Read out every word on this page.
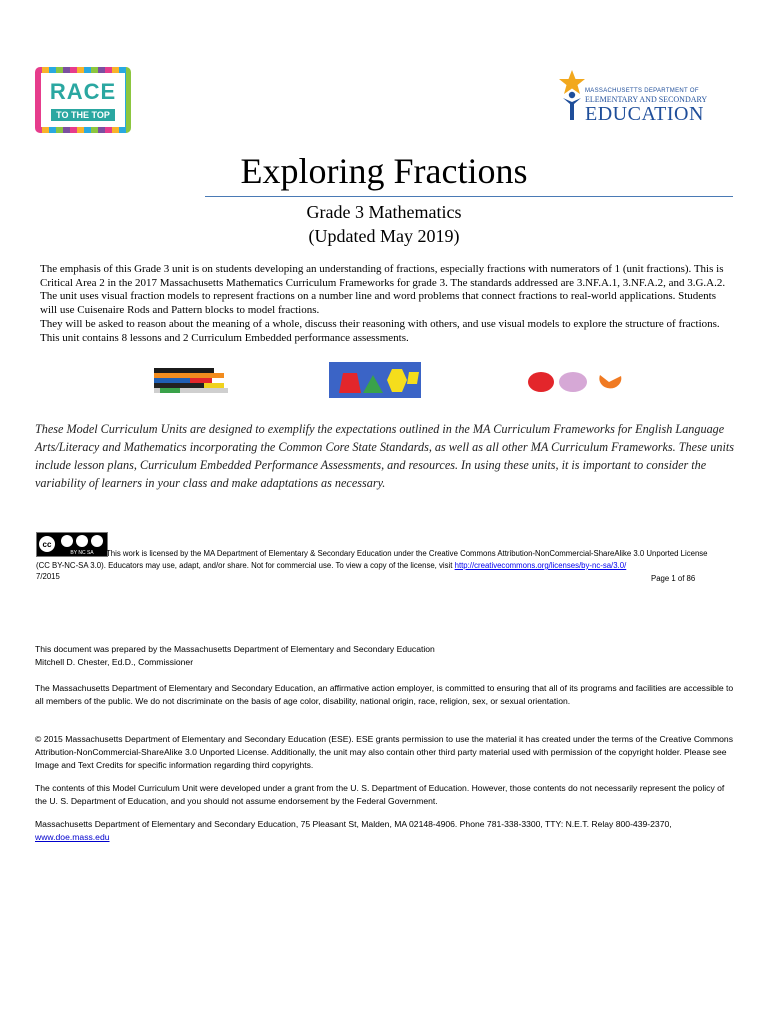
RACE
TO THE TOP
MASSACHUSETTS DEPARTMENT OF
ELEMENTARY AND SECONDARY
EDUCATION
Exploring Fractions
Grade 3 Mathematics
(Updated May 2019)

The emphasis of this Grade 3 unit is on students developing an understanding of fractions, especially fractions with numerators of 1 (unit fractions). This is Critical Area 2 in the 2017 Massachusetts Mathematics Curriculum Frameworks for grade 3. The standards addressed are 3.NF.A.1, 3.NF.A.2, and 3.G.A.2. The unit uses visual fraction models to represent fractions on a number line and word problems that connect fractions to real-world applications. Students will use Cuisenaire Rods and Pattern blocks to model fractions.

They will be asked to reason about the meaning of a whole, discuss their reasoning with others, and use visual models to explore the structure of fractions. This unit contains 8 lessons and 2 Curriculum Embedded performance assessments.

These Model Curriculum Units are designed to exemplify the expectations outlined in the MA Curriculum Frameworks for English Language Arts/Literacy and Mathematics incorporating the Common Core State Standards, as well as all other MA Curriculum Frameworks. These units include lesson plans, Curriculum Embedded Performance Assessments, and resources. In using these units, it is important to consider the variability of learners in your class and make adaptations as necessary.
cc
BY NC SA	This work is licensed by the MA Department of Elementary & Secondary Education under the Creative Commons Attribution-NonCommercial-ShareAlike 3.0 Unported License
(CC BY-NC-SA 3.0). Educators may use, adapt, and/or share. Not for commercial use. To view a copy of the license, visit http://creativecommons.org/licenses/by-nc-sa/3.0/
7/2015	Page 1 of 86

This document was prepared by the Massachusetts Department of Elementary and Secondary Education
Mitchell D. Chester, Ed.D., Commissioner

The Massachusetts Department of Elementary and Secondary Education, an affirmative action employer, is committed to ensuring that all of its programs and facilities are accessible to all members of the public. We do not discriminate on the basis of age color, disability, national origin, race, religion, sex, or sexual orientation.

© 2015 Massachusetts Department of Elementary and Secondary Education (ESE). ESE grants permission to use the material it has created under the terms of the Creative Commons Attribution-NonCommercial-ShareAlike 3.0 Unported License. Additionally, the unit may also contain other third party material used with permission of the copyright holder. Please see Image and Text Credits for specific information regarding third copyrights.

The contents of this Model Curriculum Unit were developed under a grant from the U. S. Department of Education. However, those contents do not necessarily represent the policy of the U. S. Department of Education, and you should not assume endorsement by the Federal Government.

Massachusetts Department of Elementary and Secondary Education, 75 Pleasant St, Malden, MA 02148-4906. Phone 781-338-3300, TTY: N.E.T. Relay 800-439-2370, www.doe.mass.edu
